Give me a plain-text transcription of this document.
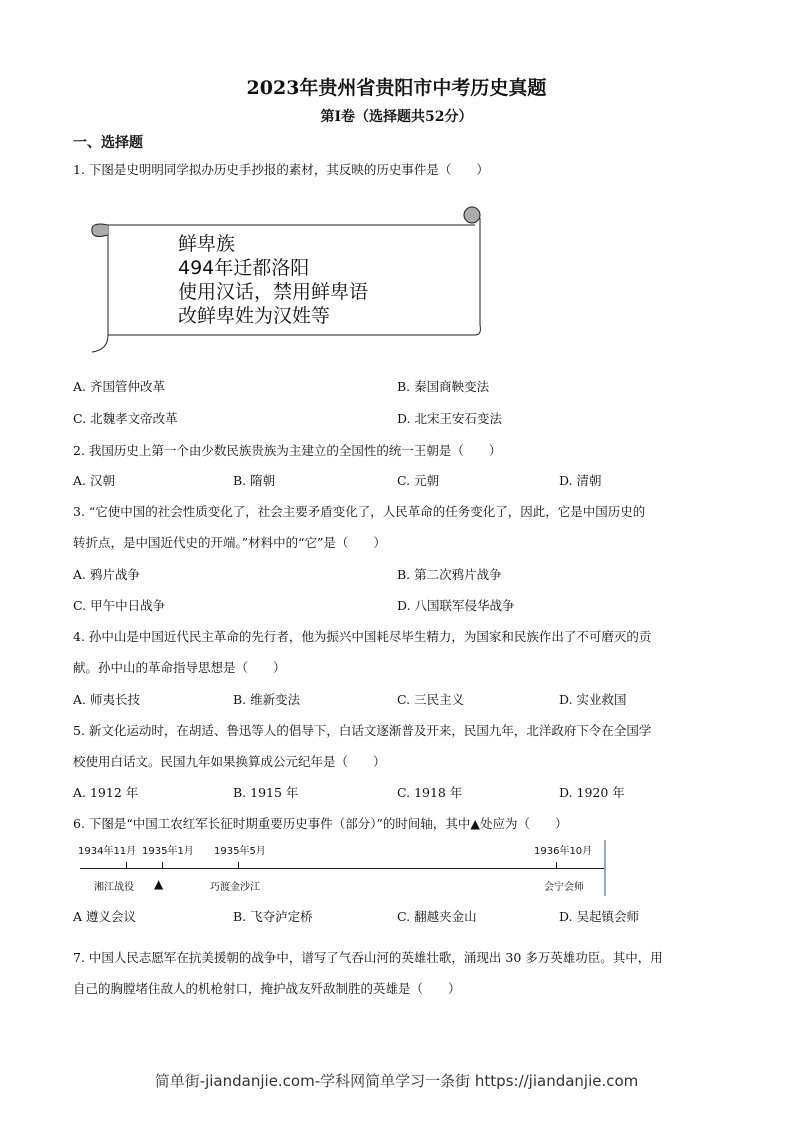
2023年贵州省贵阳市中考历史真题
第Ⅰ卷（选择题共52分）
一、选择题
1. 下图是史明明同学拟办历史手抄报的素材，其反映的历史事件是（　　）
鲜卑族
494年迁都洛阳
使用汉话，禁用鲜卑语
改鲜卑姓为汉姓等
A. 齐国管仲改革	B. 秦国商鞅变法
C. 北魏孝文帝改革	D. 北宋王安石变法
2. 我国历史上第一个由少数民族贵族为主建立的全国性的统一王朝是（　　）
A. 汉朝	B. 隋朝	C. 元朝	D. 清朝
3. “它使中国的社会性质变化了，社会主要矛盾变化了，人民革命的任务变化了，因此，它是中国历史的
转折点，是中国近代史的开端。”材料中的“它”是（　　）
A. 鸦片战争	B. 第二次鸦片战争
C. 甲午中日战争	D. 八国联军侵华战争
4. 孙中山是中国近代民主革命的先行者，他为振兴中国耗尽毕生精力，为国家和民族作出了不可磨灭的贡
献。孙中山的革命指导思想是（　　）
A. 师夷长技	B. 维新变法	C. 三民主义	D. 实业救国
5. 新文化运动时，在胡适、鲁迅等人的倡导下，白话文逐渐普及开来，民国九年，北洋政府下令在全国学
校使用白话文。民国九年如果换算成公元纪年是（　　）
A. 1912 年	B. 1915 年	C. 1918 年	D. 1920 年
6. 下图是“中国工农红军长征时期重要历史事件（部分）”的时间轴，其中▲处应为（　　）
1934年11月 1935年1月 1935年5月	1936年10月
湘江战役 ▲	巧渡金沙江	会宁会师
A 遵义会议	B. 飞夺泸定桥	C. 翻越夹金山	D. 吴起镇会师
7. 中国人民志愿军在抗美援朝的战争中，谱写了气吞山河的英雄壮歌，涌现出 30 多万英雄功臣。其中，用
自己的胸膛堵住敌人的机枪射口，掩护战友歼敌制胜的英雄是（　　）
简单街-jiandanjie.com-学科网简单学习一条街 https://jiandanjie.com
